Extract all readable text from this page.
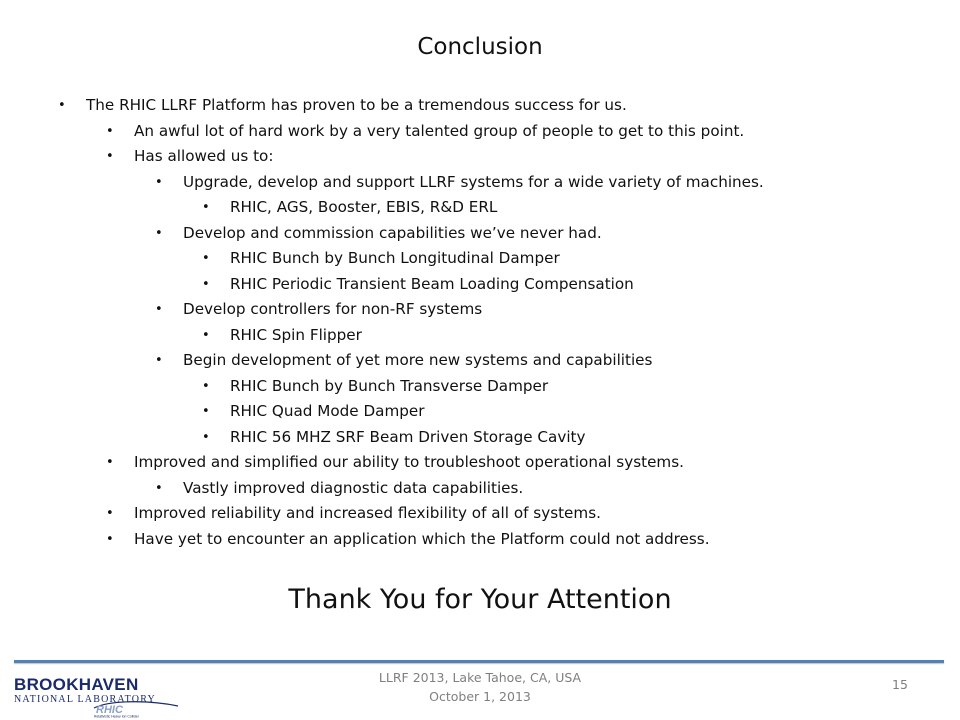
Conclusion
• The RHIC LLRF Platform has proven to be a tremendous success for us.
• An awful lot of hard work by a very talented group of people to get to this point.
• Has allowed us to:
• Upgrade, develop and support LLRF systems for a wide variety of machines.
• RHIC, AGS, Booster, EBIS, R&D ERL
• Develop and commission capabilities we’ve never had.
• RHIC Bunch by Bunch Longitudinal Damper
• RHIC Periodic Transient Beam Loading Compensation
• Develop controllers for non-RF systems
• RHIC Spin Flipper
• Begin development of yet more new systems and capabilities
• RHIC Bunch by Bunch Transverse Damper
• RHIC Quad Mode Damper
• RHIC 56 MHZ SRF Beam Driven Storage Cavity
• Improved and simplified our ability to troubleshoot operational systems.
• Vastly improved diagnostic data capabilities.
• Improved reliability and increased flexibility of all of systems.
• Have yet to encounter an application which the Platform could not address.
Thank You for Your Attention
BROOKHAVEN
NATIONAL LABORATORY
RHIC
Relativistic Heavy Ion Collider
LLRF 2013, Lake Tahoe, CA, USA
October 1, 2013
15
